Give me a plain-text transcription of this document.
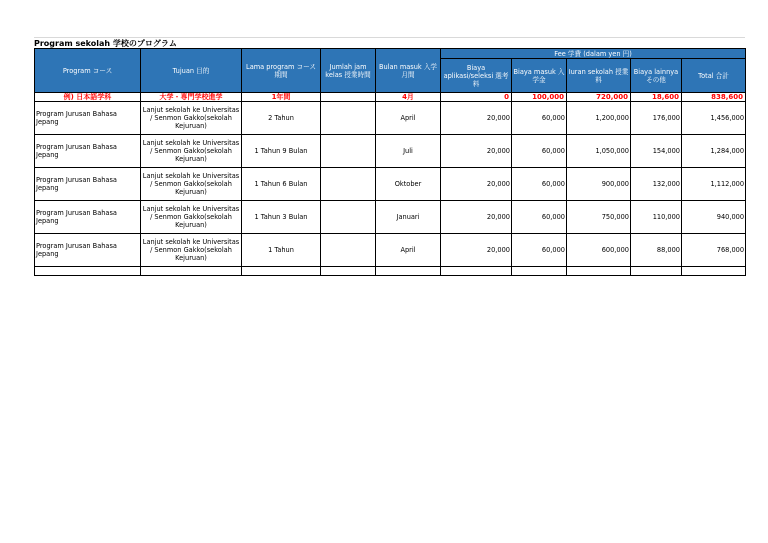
Program sekolah 学校のプログラム
Program コース	Tujuan 目的	Lama program コース期間	Jumlah jam kelas 授業時間	Bulan masuk 入学月間	Fee 学費 (dalam yen 円)				
					Biaya aplikasi/seleksi 選考料	Biaya masuk 入学金	Iuran sekolah 授業料	Biaya lainnya その他	Total 合計
例) 日本語学科	大学・専門学校進学	1年間		4月	0	100,000	720,000	18,600	838,600
Program Jurusan Bahasa Jepang	Lanjut sekolah ke Universitas / Senmon Gakko(sekolah Kejuruan)	2 Tahun		April	20,000	60,000	1,200,000	176,000	1,456,000
Program Jurusan Bahasa Jepang	Lanjut sekolah ke Universitas / Senmon Gakko(sekolah Kejuruan)	1 Tahun 9 Bulan		Juli	20,000	60,000	1,050,000	154,000	1,284,000
Program Jurusan Bahasa Jepang	Lanjut sekolah ke Universitas / Senmon Gakko(sekolah Kejuruan)	1 Tahun 6 Bulan		Oktober	20,000	60,000	900,000	132,000	1,112,000
Program Jurusan Bahasa Jepang	Lanjut sekolah ke Universitas / Senmon Gakko(sekolah Kejuruan)	1 Tahun 3 Bulan		Januari	20,000	60,000	750,000	110,000	940,000
Program Jurusan Bahasa Jepang	Lanjut sekolah ke Universitas / Senmon Gakko(sekolah Kejuruan)	1 Tahun		April	20,000	60,000	600,000	88,000	768,000
